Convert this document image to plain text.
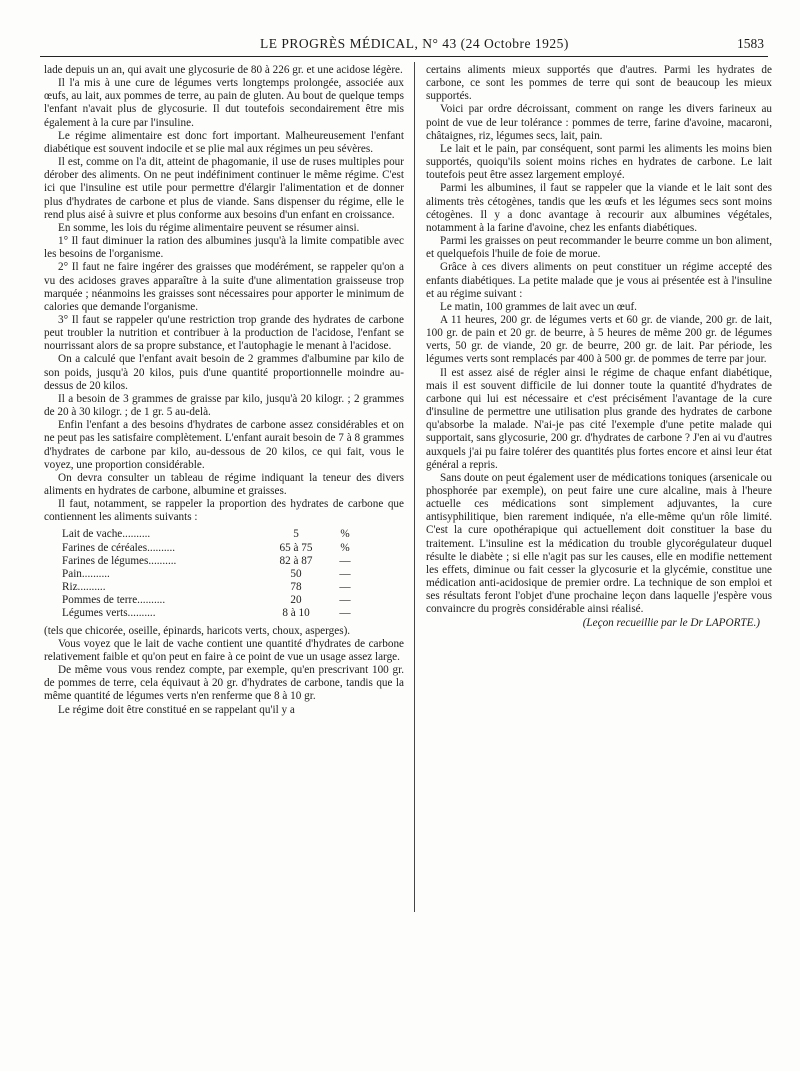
LE PROGRÈS MÉDICAL, N° 43 (24 Octobre 1925)	1583

lade depuis un an, qui avait une glycosurie de 80 à 226 gr. et une acidose légère.

Il l'a mis à une cure de légumes verts longtemps prolongée, associée aux œufs, au lait, aux pommes de terre, au pain de gluten. Au bout de quelque temps l'enfant n'avait plus de glycosurie. Il dut toutefois secondairement être mis également à la cure par l'insuline.

Le régime alimentaire est donc fort important. Malheureusement l'enfant diabétique est souvent indocile et se plie mal aux régimes un peu sévères.

Il est, comme on l'a dit, atteint de phagomanie, il use de ruses multiples pour dérober des aliments. On ne peut indéfiniment continuer le même régime. C'est ici que l'insuline est utile pour permettre d'élargir l'alimentation et de donner plus d'hydrates de carbone et plus de viande. Sans dispenser du régime, elle le rend plus aisé à suivre et plus conforme aux besoins d'un enfant en croissance.

En somme, les lois du régime alimentaire peuvent se résumer ainsi.

1° Il faut diminuer la ration des albumines jusqu'à la limite compatible avec les besoins de l'organisme.

2° Il faut ne faire ingérer des graisses que modérément, se rappeler qu'on a vu des acidoses graves apparaître à la suite d'une alimentation graisseuse trop marquée ; néanmoins les graisses sont nécessaires pour apporter le minimum de calories que demande l'organisme.

3° Il faut se rappeler qu'une restriction trop grande des hydrates de carbone peut troubler la nutrition et contribuer à la production de l'acidose, l'enfant se nourrissant alors de sa propre substance, et l'autophagie le menant à l'acidose.

On a calculé que l'enfant avait besoin de 2 grammes d'albumine par kilo de son poids, jusqu'à 20 kilos, puis d'une quantité proportionnelle moindre au-dessus de 20 kilos.

Il a besoin de 3 grammes de graisse par kilo, jusqu'à 20 kilogr. ; 2 grammes de 20 à 30 kilogr. ; de 1 gr. 5 au-delà.

Enfin l'enfant a des besoins d'hydrates de carbone assez considérables et on ne peut pas les satisfaire complètement. L'enfant aurait besoin de 7 à 8 grammes d'hydrates de carbone par kilo, au-dessous de 20 kilos, ce qui fait, vous le voyez, une proportion considérable.

On devra consulter un tableau de régime indiquant la teneur des divers aliments en hydrates de carbone, albumine et graisses.

Il faut, notamment, se rappeler la proportion des hydrates de carbone que contiennent les aliments suivants :

Lait de vache..........	5	%
Farines de céréales..........	65 à 75	%
Farines de légumes..........	82 à 87	—
Pain..........	50	—
Riz..........	78	—
Pommes de terre..........	20	—
Légumes verts..........	8 à 10	—

(tels que chicorée, oseille, épinards, haricots verts, choux, asperges).

Vous voyez que le lait de vache contient une quantité d'hydrates de carbone relativement faible et qu'on peut en faire à ce point de vue un usage assez large.

De même vous vous rendez compte, par exemple, qu'en prescrivant 100 gr. de pommes de terre, cela équivaut à 20 gr. d'hydrates de carbone, tandis que la même quantité de légumes verts n'en renferme que 8 à 10 gr.

Le régime doit être constitué en se rappelant qu'il y a

certains aliments mieux supportés que d'autres. Parmi les hydrates de carbone, ce sont les pommes de terre qui sont de beaucoup les mieux supportés.

Voici par ordre décroissant, comment on range les divers farineux au point de vue de leur tolérance : pommes de terre, farine d'avoine, macaroni, châtaignes, riz, légumes secs, lait, pain.

Le lait et le pain, par conséquent, sont parmi les aliments les moins bien supportés, quoiqu'ils soient moins riches en hydrates de carbone. Le lait toutefois peut être assez largement employé.

Parmi les albumines, il faut se rappeler que la viande et le lait sont des aliments très cétogènes, tandis que les œufs et les légumes secs sont moins cétogènes. Il y a donc avantage à recourir aux albumines végétales, notamment à la farine d'avoine, chez les enfants diabétiques.

Parmi les graisses on peut recommander le beurre comme un bon aliment, et quelquefois l'huile de foie de morue.

Grâce à ces divers aliments on peut constituer un régime accepté des enfants diabétiques. La petite malade que je vous ai présentée est à l'insuline et au régime suivant :

Le matin, 100 grammes de lait avec un œuf.

A 11 heures, 200 gr. de légumes verts et 60 gr. de viande, 200 gr. de lait, 100 gr. de pain et 20 gr. de beurre, à 5 heures de même 200 gr. de légumes verts, 50 gr. de viande, 20 gr. de beurre, 200 gr. de lait. Par période, les légumes verts sont remplacés par 400 à 500 gr. de pommes de terre par jour.

Il est assez aisé de régler ainsi le régime de chaque enfant diabétique, mais il est souvent difficile de lui donner toute la quantité d'hydrates de carbone qui lui est nécessaire et c'est précisément l'avantage de la cure d'insuline de permettre une utilisation plus grande des hydrates de carbone qu'absorbe la malade. N'ai-je pas cité l'exemple d'une petite malade qui supportait, sans glycosurie, 200 gr. d'hydrates de carbone ? J'en ai vu d'autres auxquels j'ai pu faire tolérer des quantités plus fortes encore et ainsi leur état général a repris.

Sans doute on peut également user de médications toniques (arsenicale ou phosphorée par exemple), on peut faire une cure alcaline, mais à l'heure actuelle ces médications sont simplement adjuvantes, la cure antisyphilitique, bien rarement indiquée, n'a elle-même qu'un rôle limité. C'est la cure opothérapique qui actuellement doit constituer la base du traitement. L'insuline est la médication du trouble glycorégulateur duquel résulte le diabète ; si elle n'agit pas sur les causes, elle en modifie nettement les effets, diminue ou fait cesser la glycosurie et la glycémie, constitue une médication anti-acidosique de premier ordre. La technique de son emploi et ses résultats feront l'objet d'une prochaine leçon dans laquelle j'espère vous convaincre du progrès considérable ainsi réalisé.

(Leçon recueillie par le Dr LAPORTE.)
